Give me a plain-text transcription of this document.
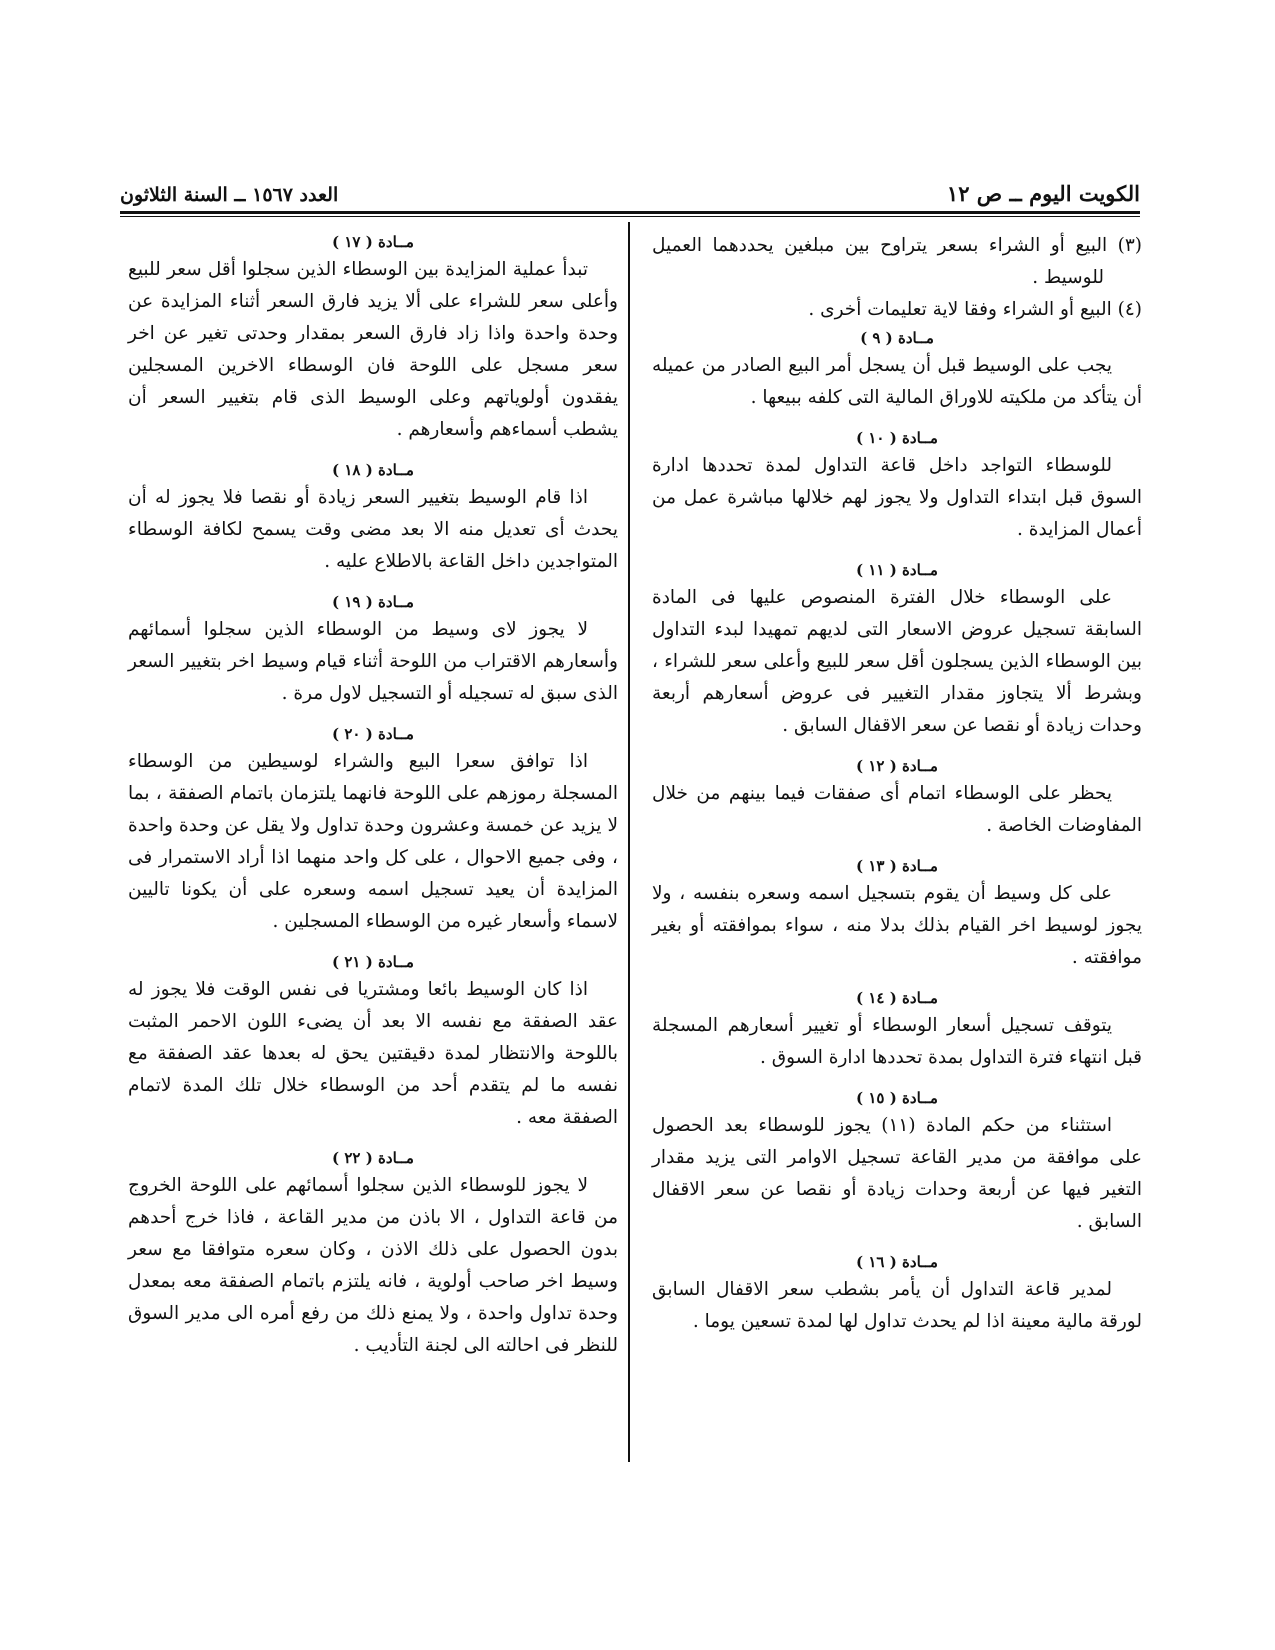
الكويت اليوم ــ ص ١٢
العدد ١٥٦٧ ــ السنة الثلاثون

(٣) البيع أو الشراء بسعر يتراوح بين مبلغين يحددهما العميل للوسيط .

(٤) البيع أو الشراء وفقا لاية تعليمات أخرى .

مــادة ( ٩ )

يجب على الوسيط قبل أن يسجل أمر البيع الصادر من عميله أن يتأكد من ملكيته للاوراق المالية التى كلفه ببيعها .

مــادة ( ١٠ )

للوسطاء التواجد داخل قاعة التداول لمدة تحددها ادارة السوق قبل ابتداء التداول ولا يجوز لهم خلالها مباشرة عمل من أعمال المزايدة .

مــادة ( ١١ )

على الوسطاء خلال الفترة المنصوص عليها فى المادة السابقة تسجيل عروض الاسعار التى لديهم تمهيدا لبدء التداول بين الوسطاء الذين يسجلون أقل سعر للبيع وأعلى سعر للشراء ، وبشرط ألا يتجاوز مقدار التغيير فى عروض أسعارهم أربعة وحدات زيادة أو نقصا عن سعر الاقفال السابق .

مــادة ( ١٢ )

يحظر على الوسطاء اتمام أى صفقات فيما بينهم من خلال المفاوضات الخاصة .

مــادة ( ١٣ )

على كل وسيط أن يقوم بتسجيل اسمه وسعره بنفسه ، ولا يجوز لوسيط اخر القيام بذلك بدلا منه ، سواء بموافقته أو بغير موافقته .

مــادة ( ١٤ )

يتوقف تسجيل أسعار الوسطاء أو تغيير أسعارهم المسجلة قبل انتهاء فترة التداول بمدة تحددها ادارة السوق .

مــادة ( ١٥ )

استثناء من حكم المادة (١١) يجوز للوسطاء بعد الحصول على موافقة من مدير القاعة تسجيل الاوامر التى يزيد مقدار التغير فيها عن أربعة وحدات زيادة أو نقصا عن سعر الاقفال السابق .

مــادة ( ١٦ )

لمدير قاعة التداول أن يأمر بشطب سعر الاقفال السابق لورقة مالية معينة اذا لم يحدث تداول لها لمدة تسعين يوما .

مــادة ( ١٧ )

تبدأ عملية المزايدة بين الوسطاء الذين سجلوا أقل سعر للبيع وأعلى سعر للشراء على ألا يزيد فارق السعر أثناء المزايدة عن وحدة واحدة واذا زاد فارق السعر بمقدار وحدتى تغير عن اخر سعر مسجل على اللوحة فان الوسطاء الاخرين المسجلين يفقدون أولوياتهم وعلى الوسيط الذى قام بتغيير السعر أن يشطب أسماءهم وأسعارهم .

مــادة ( ١٨ )

اذا قام الوسيط بتغيير السعر زيادة أو نقصا فلا يجوز له أن يحدث أى تعديل منه الا بعد مضى وقت يسمح لكافة الوسطاء المتواجدين داخل القاعة بالاطلاع عليه .

مــادة ( ١٩ )

لا يجوز لاى وسيط من الوسطاء الذين سجلوا أسمائهم وأسعارهم الاقتراب من اللوحة أثناء قيام وسيط اخر بتغيير السعر الذى سبق له تسجيله أو التسجيل لاول مرة .

مــادة ( ٢٠ )

اذا توافق سعرا البيع والشراء لوسيطين من الوسطاء المسجلة رموزهم على اللوحة فانهما يلتزمان باتمام الصفقة ، بما لا يزيد عن خمسة وعشرون وحدة تداول ولا يقل عن وحدة واحدة ، وفى جميع الاحوال ، على كل واحد منهما اذا أراد الاستمرار فى المزايدة أن يعيد تسجيل اسمه وسعره على أن يكونا تاليين لاسماء وأسعار غيره من الوسطاء المسجلين .

مــادة ( ٢١ )

اذا كان الوسيط بائعا ومشتريا فى نفس الوقت فلا يجوز له عقد الصفقة مع نفسه الا بعد أن يضىء اللون الاحمر المثبت باللوحة والانتظار لمدة دقيقتين يحق له بعدها عقد الصفقة مع نفسه ما لم يتقدم أحد من الوسطاء خلال تلك المدة لاتمام الصفقة معه .

مــادة ( ٢٢ )

لا يجوز للوسطاء الذين سجلوا أسمائهم على اللوحة الخروج من قاعة التداول ، الا باذن من مدير القاعة ، فاذا خرج أحدهم بدون الحصول على ذلك الاذن ، وكان سعره متوافقا مع سعر وسيط اخر صاحب أولوية ، فانه يلتزم باتمام الصفقة معه بمعدل وحدة تداول واحدة ، ولا يمنع ذلك من رفع أمره الى مدير السوق للنظر فى احالته الى لجنة التأديب .
